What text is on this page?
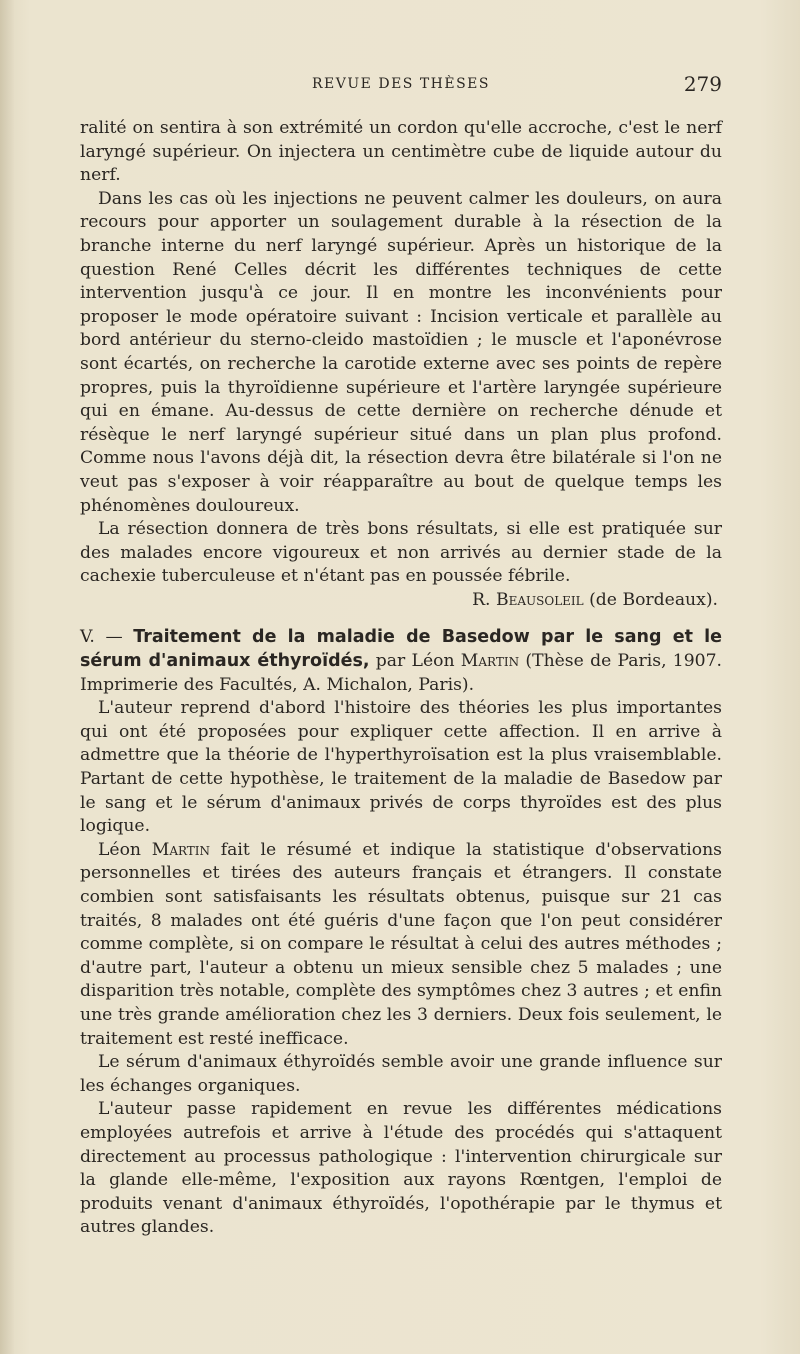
REVUE DES THÈSES	279

ralité on sentira à son extrémité un cordon qu'elle accroche, c'est le nerf laryngé supérieur. On injectera un centimètre cube de liquide autour du nerf.

Dans les cas où les injections ne peuvent calmer les douleurs, on aura recours pour apporter un soulagement durable à la résection de la branche interne du nerf laryngé supérieur. Après un historique de la question René Celles décrit les différentes techniques de cette intervention jusqu'à ce jour. Il en montre les inconvénients pour proposer le mode opératoire suivant : Incision verticale et parallèle au bord antérieur du sterno-cleido mastoïdien ; le muscle et l'aponévrose sont écartés, on recherche la carotide externe avec ses points de repère propres, puis la thyroïdienne supérieure et l'artère laryngée supérieure qui en émane. Au-dessus de cette dernière on recherche dénude et résèque le nerf laryngé supérieur situé dans un plan plus profond. Comme nous l'avons déjà dit, la résection devra être bilatérale si l'on ne veut pas s'exposer à voir réapparaître au bout de quelque temps les phénomènes douloureux.

La résection donnera de très bons résultats, si elle est pratiquée sur des malades encore vigoureux et non arrivés au dernier stade de la cachexie tuberculeuse et n'étant pas en poussée fébrile.

R. Beausoleil (de Bordeaux).

V. — Traitement de la maladie de Basedow par le sang et le sérum d'animaux éthyroïdés, par Léon Martin (Thèse de Paris, 1907. Imprimerie des Facultés, A. Michalon, Paris).

L'auteur reprend d'abord l'histoire des théories les plus importantes qui ont été proposées pour expliquer cette affection. Il en arrive à admettre que la théorie de l'hyperthyroïsation est la plus vraisemblable. Partant de cette hypothèse, le traitement de la maladie de Basedow par le sang et le sérum d'animaux privés de corps thyroïdes est des plus logique.

Léon Martin fait le résumé et indique la statistique d'observations personnelles et tirées des auteurs français et étrangers. Il constate combien sont satisfaisants les résultats obtenus, puisque sur 21 cas traités, 8 malades ont été guéris d'une façon que l'on peut considérer comme complète, si on compare le résultat à celui des autres méthodes ; d'autre part, l'auteur a obtenu un mieux sensible chez 5 malades ; une disparition très notable, complète des symptômes chez 3 autres ; et enfin une très grande amélioration chez les 3 derniers. Deux fois seulement, le traitement est resté inefficace.

Le sérum d'animaux éthyroïdés semble avoir une grande influence sur les échanges organiques.

L'auteur passe rapidement en revue les différentes médications employées autrefois et arrive à l'étude des procédés qui s'attaquent directement au processus pathologique : l'intervention chirurgicale sur la glande elle-même, l'exposition aux rayons Rœntgen, l'emploi de produits venant d'animaux éthyroïdés, l'opothérapie par le thymus et autres glandes.
